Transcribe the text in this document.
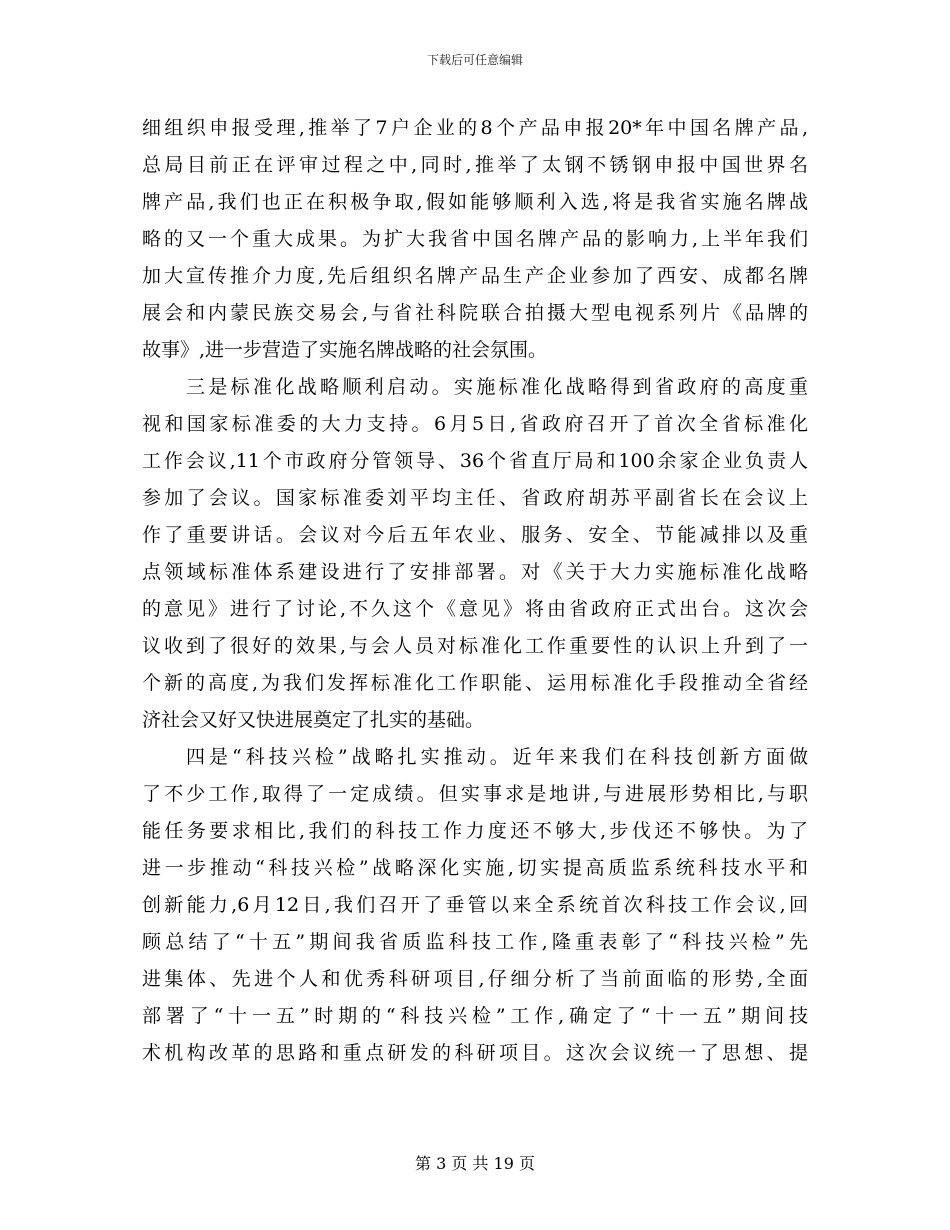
下载后可任意编辑
细组织申报受理,推举了7户企业的8个产品申报20*年中国名牌产品,
总局目前正在评审过程之中,同时,推举了太钢不锈钢申报中国世界名
牌产品,我们也正在积极争取,假如能够顺利入选,将是我省实施名牌战
略的又一个重大成果。为扩大我省中国名牌产品的影响力,上半年我们
加大宣传推介力度,先后组织名牌产品生产企业参加了西安、成都名牌
展会和内蒙民族交易会,与省社科院联合拍摄大型电视系列片《品牌的
故事》,进一步营造了实施名牌战略的社会氛围。
三是标准化战略顺利启动。实施标准化战略得到省政府的高度重
视和国家标准委的大力支持。6月5日,省政府召开了首次全省标准化
工作会议,11个市政府分管领导、36个省直厅局和100余家企业负责人
参加了会议。国家标准委刘平均主任、省政府胡苏平副省长在会议上
作了重要讲话。会议对今后五年农业、服务、安全、节能减排以及重
点领域标准体系建设进行了安排部署。对《关于大力实施标准化战略
的意见》进行了讨论,不久这个《意见》将由省政府正式出台。这次会
议收到了很好的效果,与会人员对标准化工作重要性的认识上升到了一
个新的高度,为我们发挥标准化工作职能、运用标准化手段推动全省经
济社会又好又快进展奠定了扎实的基础。
四是“科技兴检”战略扎实推动。近年来我们在科技创新方面做
了不少工作,取得了一定成绩。但实事求是地讲,与进展形势相比,与职
能任务要求相比,我们的科技工作力度还不够大,步伐还不够快。为了
进一步推动“科技兴检”战略深化实施,切实提高质监系统科技水平和
创新能力,6月12日,我们召开了垂管以来全系统首次科技工作会议,回
顾总结了“十五”期间我省质监科技工作,隆重表彰了“科技兴检”先
进集体、先进个人和优秀科研项目,仔细分析了当前面临的形势,全面
部署了“十一五”时期的“科技兴检”工作,确定了“十一五”期间技
术机构改革的思路和重点研发的科研项目。这次会议统一了思想、提
第 3 页 共 19 页
